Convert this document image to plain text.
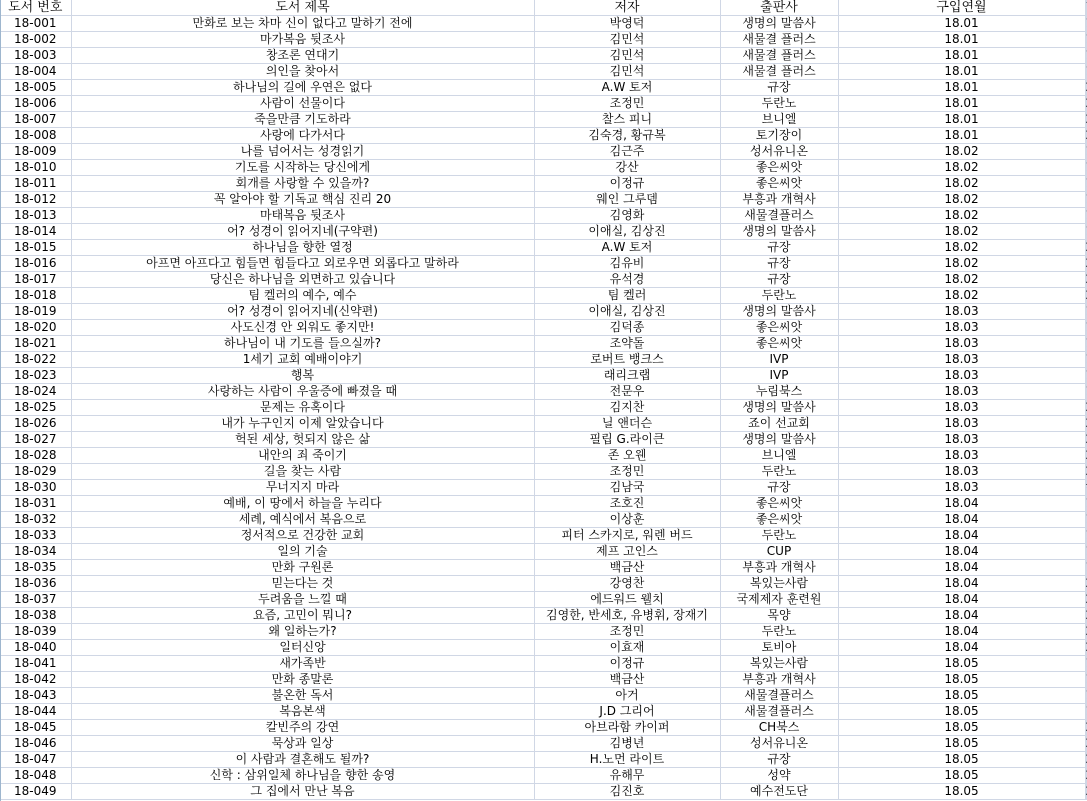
도서 번호	도서 제목	저자	출판사	구입연월	
18-001	만화로 보는 차마 신이 없다고 말하기 전에	박영덕	생명의 말씀사	18.01	
18-002	마가복음 뒷조사	김민석	새물결 플러스	18.01	
18-003	창조론 연대기	김민석	새물결 플러스	18.01	
18-004	의인을 찾아서	김민석	새물결 플러스	18.01	
18-005	하나님의 길에 우연은 없다	A.W 토저	규장	18.01	
18-006	사람이 선물이다	조정민	두란노	18.01	
18-007	죽을만큼 기도하라	찰스 피니	브니엘	18.01	
18-008	사랑에 다가서다	김숙경, 황규복	토기장이	18.01	
18-009	나를 넘어서는 성경읽기	김근주	성서유니온	18.02	
18-010	기도를 시작하는 당신에게	강산	좋은씨앗	18.02	
18-011	회개를 사랑할 수 있을까?	이정규	좋은씨앗	18.02	
18-012	꼭 알아야 할 기독교 핵심 진리 20	웨인 그루뎀	부흥과 개혁사	18.02	
18-013	마태복음 뒷조사	김영화	새물결플러스	18.02	
18-014	어? 성경이 읽어지네(구약편)	이애실, 김상진	생명의 말씀사	18.02	
18-015	하나님을 향한 열정	A.W 토저	규장	18.02	
18-016	아프면 아프다고 힘들면 힘들다고 외로우면 외롭다고 말하라	김유비	규장	18.02	
18-017	당신은 하나님을 외면하고 있습니다	유석경	규장	18.02	
18-018	팀 켈러의 예수, 예수	팀 켈러	두란노	18.02	
18-019	어? 성경이 읽어지네(신약편)	이애실, 김상진	생명의 말씀사	18.03	
18-020	사도신경 안 외워도 좋지만!	김덕종	좋은씨앗	18.03	
18-021	하나님이 내 기도를 들으실까?	조약돌	좋은씨앗	18.03	
18-022	1세기 교회 예배이야기	로버트 뱅크스	IVP	18.03	
18-023	행복	래리크랩	IVP	18.03	
18-024	사랑하는 사람이 우울증에 빠졌을 때	전문우	누림북스	18.03	
18-025	문제는 유혹이다	김지찬	생명의 말씀사	18.03	
18-026	내가 누구인지 이제 알았습니다	닐 앤더슨	죠이 선교회	18.03	
18-027	헉된 세상, 헛되지 않은 삶	필립 G.라이큰	생명의 말씀사	18.03	
18-028	내안의 죄 죽이기	존 오웬	브니엘	18.03	
18-029	길을 찾는 사람	조정민	두란노	18.03	
18-030	무너지지 마라	김남국	규장	18.03	
18-031	예배, 이 땅에서 하늘을 누리다	조호진	좋은씨앗	18.04	
18-032	세례, 예식에서 복음으로	이상훈	좋은씨앗	18.04	
18-033	정서적으로 건강한 교회	피터 스카지로, 워렌 버드	두란노	18.04	
18-034	일의 기술	제프 고인스	CUP	18.04	
18-035	만화 구원론	백금산	부흥과 개혁사	18.04	
18-036	믿는다는 것	강영찬	복있는사람	18.04	
18-037	두려움을 느낄 때	에드워드 웰치	국제제자 훈련원	18.04	
18-038	요즘, 고민이 뭐니?	김영한, 반세호, 유병휘, 장재기	목양	18.04	
18-039	왜 일하는가?	조정민	두란노	18.04	
18-040	일터신앙	이효재	토비아	18.04	
18-041	새가족반	이정규	복있는사람	18.05	
18-042	만화 종말론	백금산	부흥과 개혁사	18.05	
18-043	불온한 독서	아거	새물결플러스	18.05	
18-044	복음본색	J.D 그리어	새물결플러스	18.05	
18-045	칼빈주의 강연	아브라함 카이퍼	CH북스	18.05	
18-046	묵상과 일상	김병년	성서유니온	18.05	
18-047	이 사람과 결혼해도 될까?	H.노먼 라이트	규장	18.05	
18-048	신학 : 삼위일체 하나님을 향한 송영	유해무	성약	18.05	
18-049	그 집에서 만난 복음	김진호	예수전도단	18.05	
